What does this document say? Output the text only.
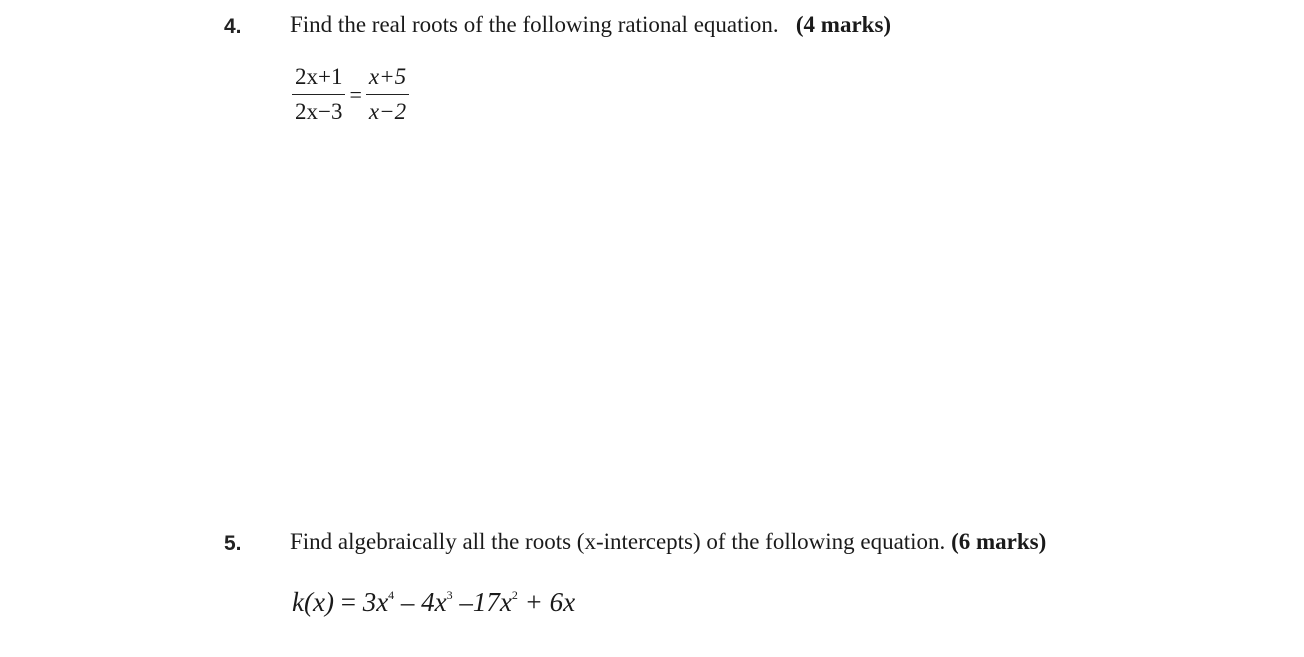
4. Find the real roots of the following rational equation. (4 marks)
$\frac{2x+1}{2x-3} = \frac{x+5}{x-2}$
5. Find algebraically all the roots (x-intercepts) of the following equation. (6 marks)
$k(x) = 3x^4 - 4x^3$ $-17x^2 + 6x$
